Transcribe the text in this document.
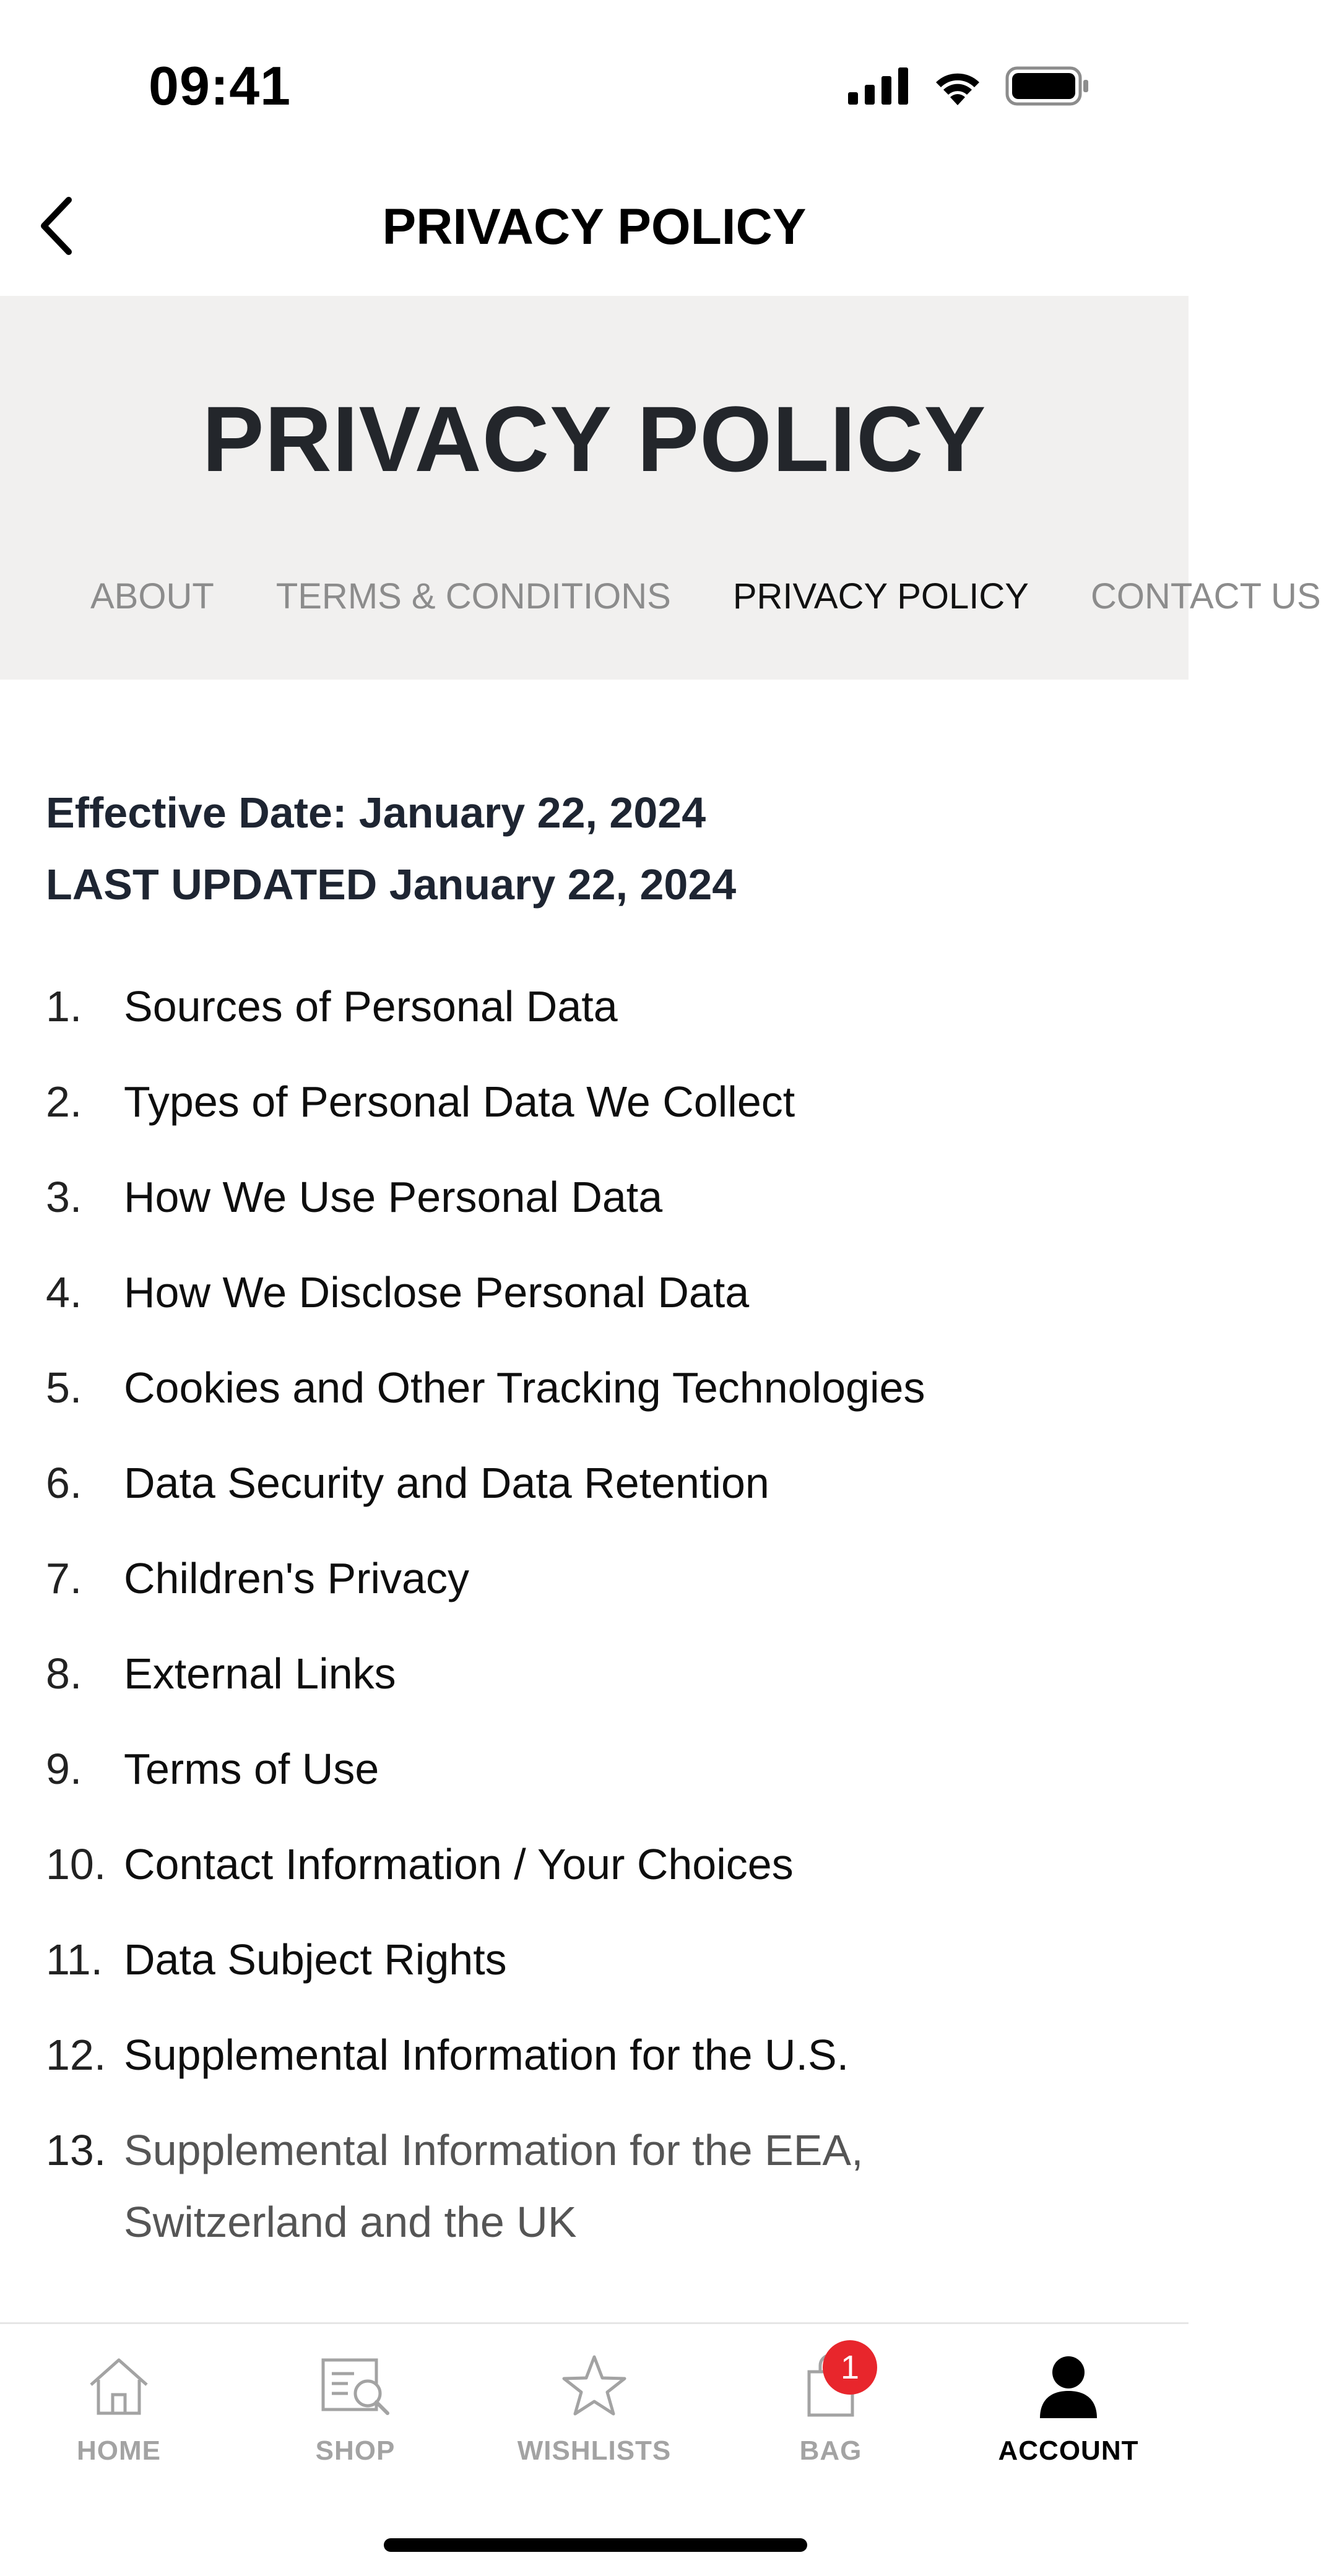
09:41
PRIVACY POLICY
PRIVACY POLICY
ABOUT TERMS & CONDITIONS PRIVACY POLICY CONTACT US
Effective Date: January 22, 2024
LAST UPDATED January 22, 2024
1. Sources of Personal Data
2. Types of Personal Data We Collect
3. How We Use Personal Data
4. How We Disclose Personal Data
5. Cookies and Other Tracking Technologies
6. Data Security and Data Retention
7. Children's Privacy
8. External Links
9. Terms of Use
10. Contact Information / Your Choices
11. Data Subject Rights
12. Supplemental Information for the U.S.
13. Supplemental Information for the EEA, Switzerland and the UK
HOME	SHOP	WISHLISTS
1
BAG	ACCOUNT
